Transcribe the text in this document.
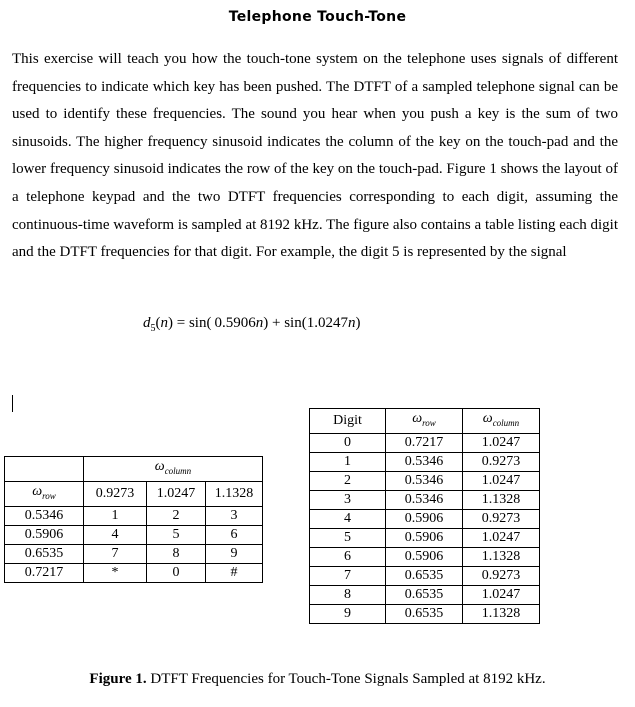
Telephone Touch-Tone
This exercise will teach you how the touch-tone system on the telephone uses signals of different frequencies to indicate which key has been pushed. The DTFT of a sampled telephone signal can be used to identify these frequencies. The sound you hear when you push a key is the sum of two sinusoids. The higher frequency sinusoid indicates the column of the key on the touch-pad and the lower frequency sinusoid indicates the row of the key on the touch-pad. Figure 1 shows the layout of a telephone keypad and the two DTFT frequencies corresponding to each digit, assuming the continuous-time waveform is sampled at 8192 kHz. The figure also contains a table listing each digit and the DTFT frequencies for that digit. For example, the digit 5 is represented by the signal
$d_5(n) = \sin$(  0.5906n) + sin(1.0247n)
	$\omega_{column}$
$\omega_{row}$	0.9273	1.0247	1.1328
0.5346	1	2	3
0.5906	4	5	6
0.6535	7	8	9
0.7217	*	0	#
Digit	$\omega_{row}$	$\omega_{column}$
0	0.7217	1.0247
1	0.5346	0.9273
2	0.5346	1.0247
3	0.5346	1.1328
4	0.5906	0.9273
5	0.5906	1.0247
6	0.5906	1.1328
7	0.6535	0.9273
8	0.6535	1.0247
9	0.6535	1.1328
Figure 1. DTFT Frequencies for Touch-Tone Signals Sampled at 8192 kHz.
